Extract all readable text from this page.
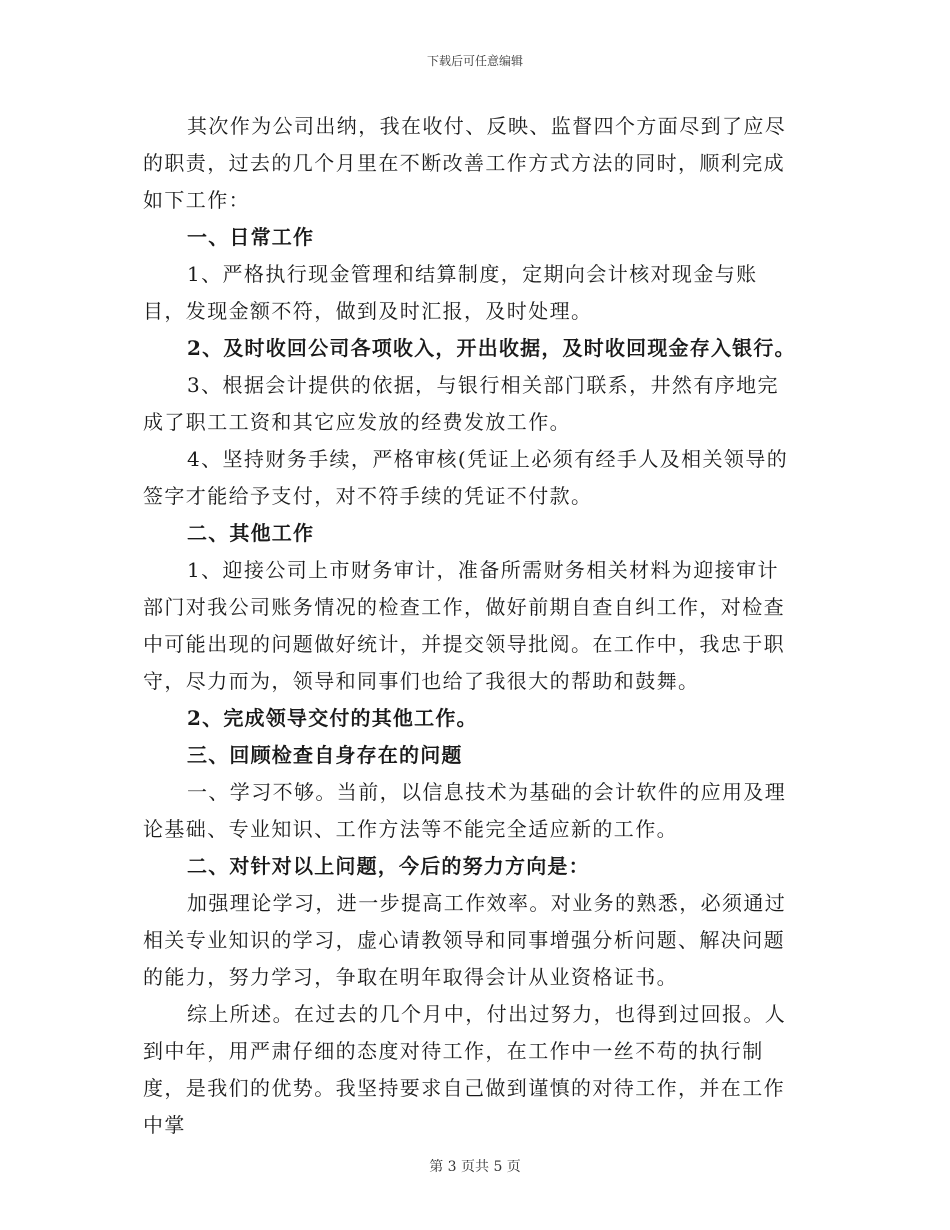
下载后可任意编辑

其次作为公司出纳，我在收付、反映、监督四个方面尽到了应尽的职责，过去的几个月里在不断改善工作方式方法的同时，顺利完成如下工作：

一、日常工作

1、严格执行现金管理和结算制度，定期向会计核对现金与账目，发现金额不符，做到及时汇报，及时处理。

2、及时收回公司各项收入，开出收据，及时收回现金存入银行。

3、根据会计提供的依据，与银行相关部门联系，井然有序地完成了职工工资和其它应发放的经费发放工作。

4、坚持财务手续，严格审核(凭证上必须有经手人及相关领导的签字才能给予支付，对不符手续的凭证不付款。

二、其他工作

1、迎接公司上市财务审计，准备所需财务相关材料为迎接审计部门对我公司账务情况的检查工作，做好前期自查自纠工作，对检查中可能出现的问题做好统计，并提交领导批阅。在工作中，我忠于职守，尽力而为，领导和同事们也给了我很大的帮助和鼓舞。

2、完成领导交付的其他工作。

三、回顾检查自身存在的问题

一、学习不够。当前，以信息技术为基础的会计软件的应用及理论基础、专业知识、工作方法等不能完全适应新的工作。

二、对针对以上问题，今后的努力方向是：

加强理论学习，进一步提高工作效率。对业务的熟悉，必须通过相关专业知识的学习，虚心请教领导和同事增强分析问题、解决问题的能力，努力学习，争取在明年取得会计从业资格证书。

综上所述。在过去的几个月中，付出过努力，也得到过回报。人到中年，用严肃仔细的态度对待工作，在工作中一丝不苟的执行制度，是我们的优势。我坚持要求自己做到谨慎的对待工作，并在工作中掌

第 3 页共 5 页
